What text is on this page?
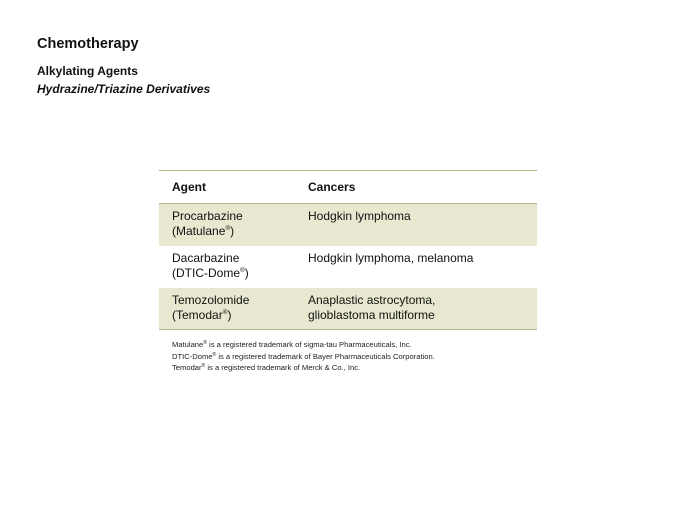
Chemotherapy
Alkylating Agents
Hydrazine/Triazine Derivatives
Agent	Cancers
Procarbazine
(Matulane®)
Hodgkin lymphoma
Dacarbazine
(DTIC-Dome®)
Hodgkin lymphoma, melanoma
Temozolomide
(Temodar®)
Anaplastic astrocytoma,
glioblastoma multiforme
Matulane® is a registered trademark of sigma-tau Pharmaceuticals, Inc.
DTIC-Dome® is a registered trademark of Bayer Pharmaceuticals Corporation.
Temodar® is a registered trademark of Merck & Co., Inc.
